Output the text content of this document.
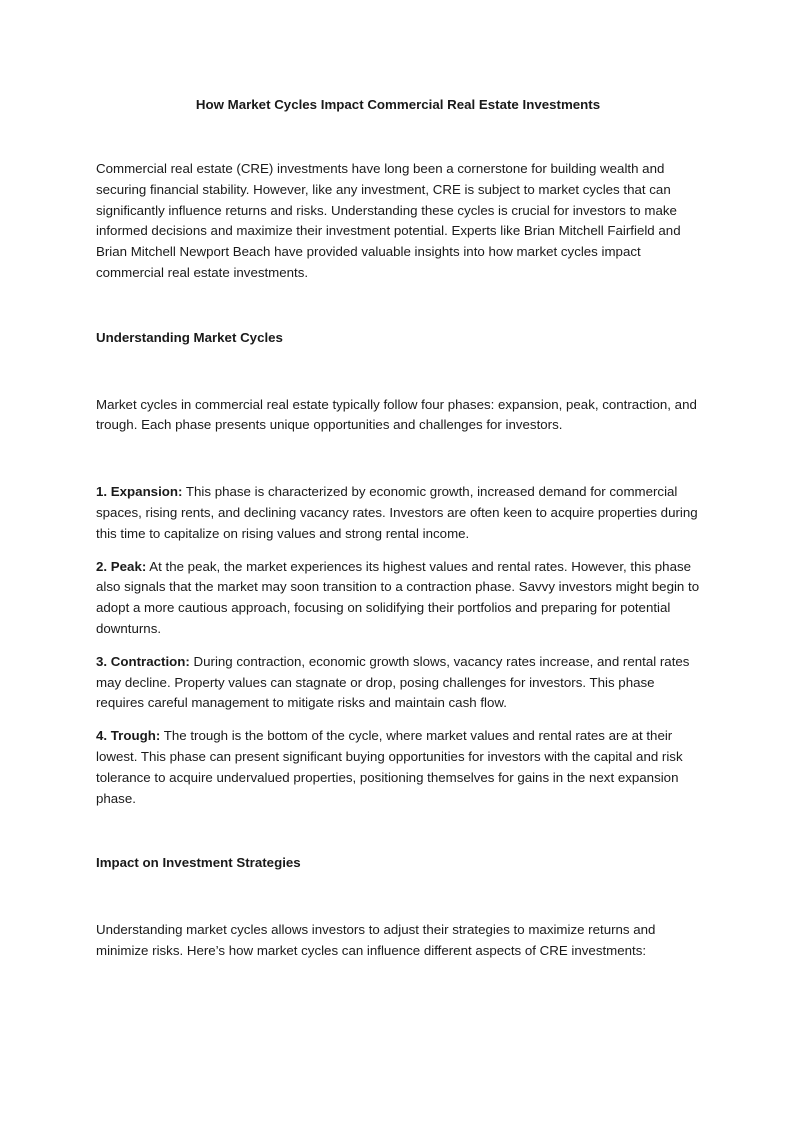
How Market Cycles Impact Commercial Real Estate Investments

Commercial real estate (CRE) investments have long been a cornerstone for building wealth and securing financial stability. However, like any investment, CRE is subject to market cycles that can significantly influence returns and risks. Understanding these cycles is crucial for investors to make informed decisions and maximize their investment potential. Experts like Brian Mitchell Fairfield and Brian Mitchell Newport Beach have provided valuable insights into how market cycles impact commercial real estate investments.

Understanding Market Cycles

Market cycles in commercial real estate typically follow four phases: expansion, peak, contraction, and trough. Each phase presents unique opportunities and challenges for investors.

1. Expansion: This phase is characterized by economic growth, increased demand for commercial spaces, rising rents, and declining vacancy rates. Investors are often keen to acquire properties during this time to capitalize on rising values and strong rental income.

2. Peak: At the peak, the market experiences its highest values and rental rates. However, this phase also signals that the market may soon transition to a contraction phase. Savvy investors might begin to adopt a more cautious approach, focusing on solidifying their portfolios and preparing for potential downturns.

3. Contraction: During contraction, economic growth slows, vacancy rates increase, and rental rates may decline. Property values can stagnate or drop, posing challenges for investors. This phase requires careful management to mitigate risks and maintain cash flow.

4. Trough: The trough is the bottom of the cycle, where market values and rental rates are at their lowest. This phase can present significant buying opportunities for investors with the capital and risk tolerance to acquire undervalued properties, positioning themselves for gains in the next expansion phase.

Impact on Investment Strategies

Understanding market cycles allows investors to adjust their strategies to maximize returns and minimize risks. Here’s how market cycles can influence different aspects of CRE investments:
